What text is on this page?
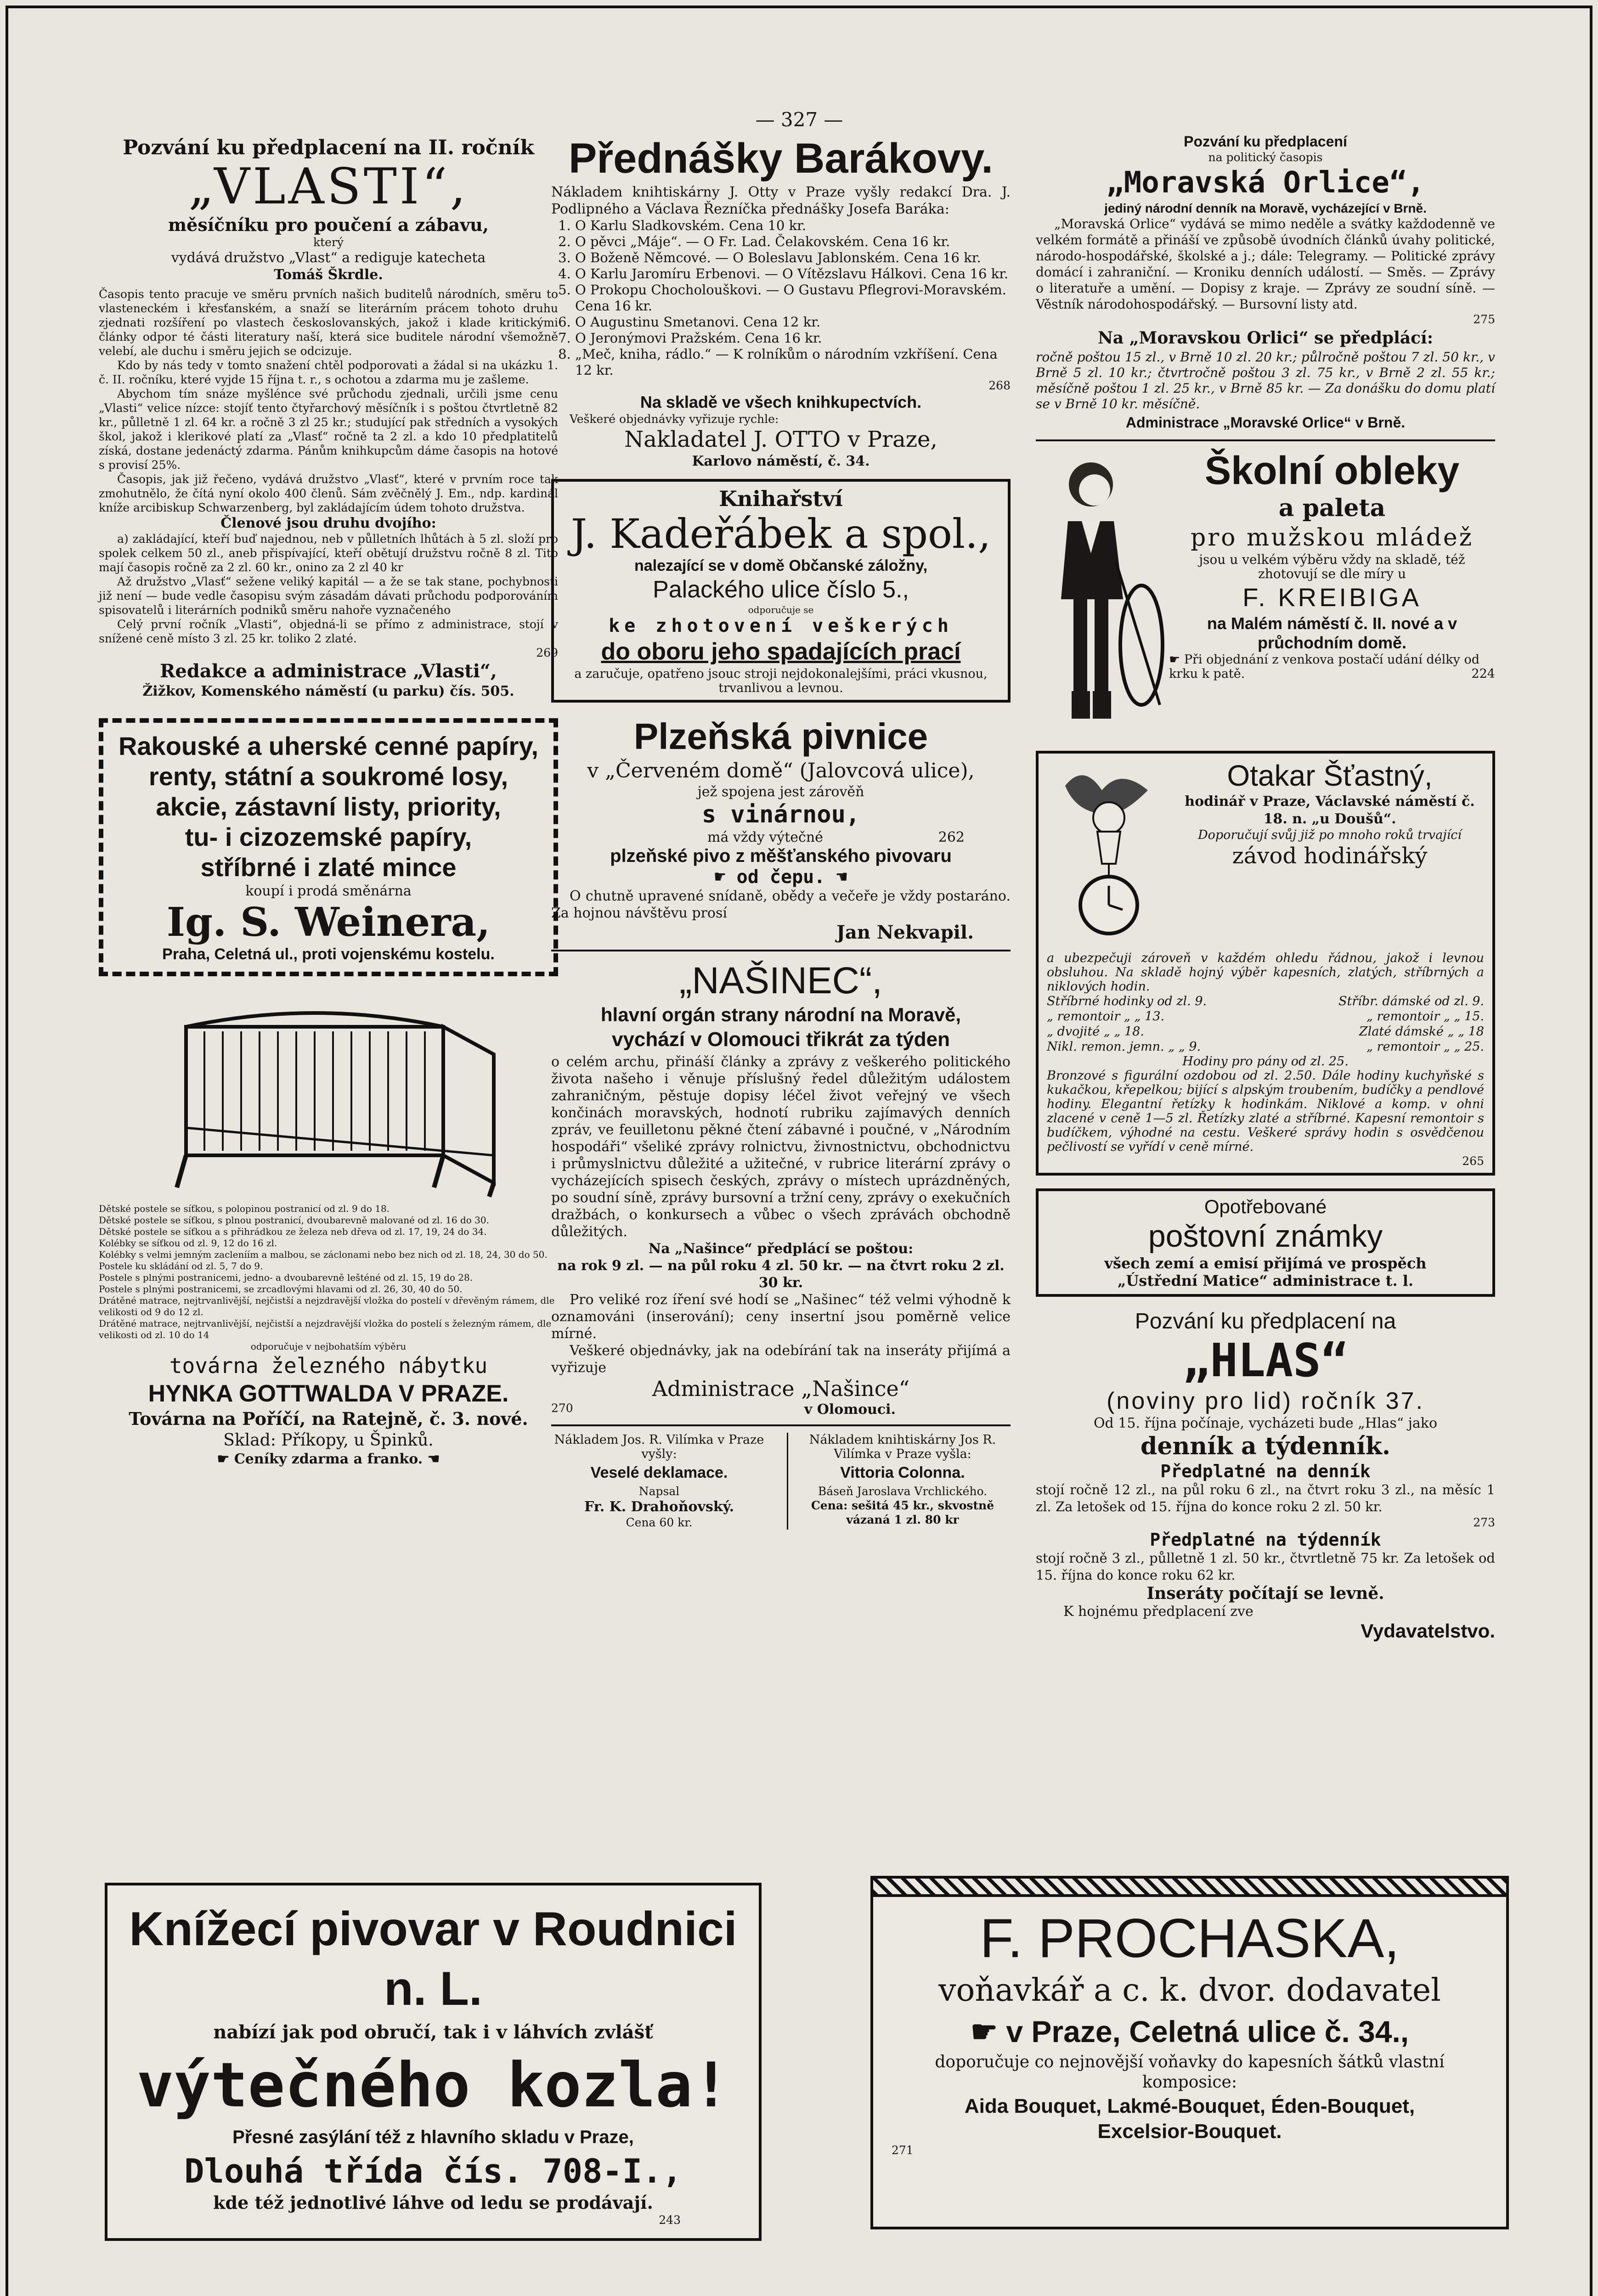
— 327 —

Pozvání ku předplacení na II. ročník

„VLASTI“,

měsíčníku pro poučení a zábavu,

který

vydává družstvo „Vlast“ a rediguje katecheta

Tomáš Škrdle.

Časopis tento pracuje ve směru prvních našich buditelů národních, směru to vlasteneckém i křesťanském, a snaží se literárním prácem tohoto druhu zjednati rozšíření po vlastech českoslovanských, jakož i klade kritickými články odpor té části literatury naší, která sice buditele národní všemožně velebí, ale duchu i směru jejich se odcizuje.

Kdo by nás tedy v tomto snažení chtěl podporovati a žádal si na ukázku 1. č. II. ročníku, které vyjde 15 října t. r., s ochotou a zdarma mu je zašleme.

Abychom tím snáze myšlénce své průchodu zjednali, určili jsme cenu „Vlasti“ velice nízce: stojíť tento čtyřarchový měsíčník i s poštou čtvrtletně 82 kr., půlletně 1 zl. 64 kr. a ročně 3 zl 25 kr.; studující pak středních a vysokých škol, jakož i klerikové platí za „Vlasť“ ročně ta 2 zl. a kdo 10 předplatitelů získá, dostane jedenáctý zdarma. Pánům knihkupcům dáme časopis na hotové s provisí 25%.

Časopis, jak již řečeno, vydává družstvo „Vlasť“, které v prvním roce tak zmohutnělo, že čítá nyní okolo 400 členů. Sám zvěčnělý J. Em., ndp. kardinál kníže arcibiskup Schwarzenberg, byl zakládajícím údem tohoto družstva.

Členové jsou druhu dvojího:

a) zakládající, kteří buď najednou, neb v půlletních lhůtách à 5 zl. složí pro spolek celkem 50 zl., aneb přispívající, kteří obětují družstvu ročně 8 zl. Tito mají časopis ročně za 2 zl. 60 kr., onino za 2 zl 40 kr

Až družstvo „Vlasť“ sežene veliký kapitál — a že se tak stane, pochybnosti již není — bude vedle časopisu svým zásadám dávati průchodu podporováním spisovatelů i literárních podniků směru nahoře vyznačeného

Celý první ročník „Vlasti“, objedná-li se přímo z administrace, stojí v snížené ceně místo 3 zl. 25 kr. toliko 2 zlaté.

269

Redakce a administrace „Vlasti“,

Žižkov, Komenského náměstí (u parku) čís. 505.

Rakouské a uherské cenné papíry,

renty, státní a soukromé losy,

akcie, zástavní listy, priority,

tu- i cizozemské papíry,

stříbrné i zlaté mince

koupí i prodá směnárna

Ig. S. Weinera,

Praha, Celetná ul., proti vojenskému kostelu.

Dětské postele se síťkou, s polopinou postranicí od zl. 9 do 18.

Dětské postele se síťkou, s plnou postranicí, dvoubarevně malované od zl. 16 do 30.

Dětské postele se síťkou a s přihrádkou ze železa neb dřeva od zl. 17, 19, 24 do 34.

Kolébky se síťkou od zl. 9, 12 do 16 zl.

Kolébky s velmi jemným zacleníím a malbou, se záclonami nebo bez nich od zl. 18, 24, 30 do 50.

Postele ku skládání od zl. 5, 7 do 9.

Postele s plnými postranicemi, jedno- a dvoubarevně lešténé od zl. 15, 19 do 28.

Postele s plnými postranicemi, se zrcadlovými hlavami od zl. 26, 30, 40 do 50.

Drátěné matrace, nejtrvanlivější, nejčistší a nejzdravější vložka do postelí v dřevěným rámem, dle velikosti od 9 do 12 zl.

Drátěné matrace, nejtrvanlivější, nejčistší a nejzdravější vložka do postelí s železným rámem, dle velikosti od zl. 10 do 14

odporučuje v nejbohatším výběru

továrna železného nábytku

HYNKA GOTTWALDA V PRAZE.

Továrna na Poříčí, na Ratejně, č. 3. nové.

Sklad: Příkopy, u Špinků.

☛ Ceníky zdarma a franko. ☚

Přednášky Barákovy.

Nákladem knihtiskárny J. Otty v Praze vyšly redakcí Dra. J. Podlipného a Václava Řezníčka přednášky Josefa Baráka:

1. O Karlu Sladkovském. Cena 10 kr.
2. O pěvci „Máje“. — O Fr. Lad. Čelakovském. Cena 16 kr.
3. O Boženě Němcové. — O Boleslavu Jablonském. Cena 16 kr.
4. O Karlu Jaromíru Erbenovi. — O Vítězslavu Hálkovi. Cena 16 kr.
5. O Prokopu Chocholouškovi. — O Gustavu Pflegrovi-Moravském. Cena 16 kr.
6. O Augustinu Smetanovi. Cena 12 kr.
7. O Jeronýmovi Pražském. Cena 16 kr.
8. „Meč, kniha, rádlo.“ — K rolníkům o národním vzkříšení. Cena 12 kr.

268

Na skladě ve všech knihkupectvích.

Veškeré objednávky vyřizuje rychle:

Nakladatel J. OTTO v Praze,

Karlovo náměstí, č. 34.

Knihařství

J. Kadeřábek a spol.,

nalezající se v domě Občanské záložny,

Palackého ulice číslo 5.,

odporučuje se

ke zhotovení veškerých

do oboru jeho spadajících prací

a zaručuje, opatřeno jsouc stroji nejdokonalejšími, práci vkusnou, trvanlivou a levnou.

Plzeňská pivnice

v „Červeném domě“ (Jalovcová ulice),

jež spojena jest zárověň

s vinárnou,

má vždy výtečné	262

plzeňské pivo z měšťanského pivovaru

☛ od čepu. ☚

O chutně upravené snídaně, obědy a večeře je vždy postaráno. Za hojnou návštěvu prosí

Jan Nekvapil.

„NAŠINEC“,

hlavní orgán strany národní na Moravě,

vychází v Olomouci třikrát za týden

o celém archu, přináší články a zprávy z veškerého politického života našeho i věnuje příslušný ředel důležitým událostem zahraničným, pěstuje dopisy léčel život veřejný ve všech končinách moravských, hodnotí rubriku zajímavých denních zpráv, ve feuilletonu pěkné čtení zábavné i poučné, v „Národním hospodáři“ všeliké zprávy rolnictvu, živnostnictvu, obchodnictvu i průmyslnictvu důležité a užitečné, v rubrice literární zprávy o vycházejících spisech českých, zprávy o místech uprázdněných, po soudní síně, zprávy bursovní a tržní ceny, zprávy o exekučních dražbách, o konkursech a vůbec o všech zprávách obchodně důležitých.

Na „Našince“ předplácí se poštou:

na rok 9 zl. — na půl roku 4 zl. 50 kr. — na čtvrt roku 2 zl. 30 kr.

Pro veliké roz íření své hodí se „Našinec“ též velmi výhodně k oznamováni (inserování); ceny insertní jsou poměrně velice mírné.

Veškeré objednávky, jak na odebírání tak na inseráty přijímá a vyřizuje

Administrace „Našince“

270	v Olomouci.

Nákladem Jos. R. Vilímka v Praze vyšly:

Veselé deklamace.

Napsal

Fr. K. Drahoňovský.

Cena 60 kr.

Nákladem knihtiskárny Jos R. Vilímka v Praze vyšla:

Vittoria Colonna.

Báseň Jaroslava Vrchlického.

Cena: sešitá 45 kr., skvostně vázaná 1 zl. 80 kr

Pozvání ku předplacení

na politický časopis

„Moravská Orlice“,

jediný národní denník na Moravě, vycházející v Brně.

„Moravská Orlice“ vydává se mimo neděle a svátky každodenně ve velkém formátě a přináší ve způsobě úvodních článků úvahy politické, národo-hospodářské, školské a j.; dále: Telegramy. — Politické zprávy domácí i zahraniční. — Kroniku denních událostí. — Směs. — Zprávy o literatuře a umění. — Dopisy z kraje. — Zprávy ze soudní síně. — Věstník národohospodářský. — Bursovní listy atd.

275

Na „Moravskou Orlici“ se předplácí:

ročně poštou 15 zl., v Brně 10 zl. 20 kr.; půlročně poštou 7 zl. 50 kr., v Brně 5 zl. 10 kr.; čtvrtročně poštou 3 zl. 75 kr., v Brně 2 zl. 55 kr.; měsíčně poštou 1 zl. 25 kr., v Brně 85 kr. — Za donášku do domu platí se v Brně 10 kr. měsíčně.

Administrace „Moravské Orlice“ v Brně.

Školní obleky

a paleta

pro mužskou mládež

jsou u velkém výběru vždy na skladě, též zhotovují se dle míry u

F. KREIBIGA

na Malém náměstí č. II. nové a v průchodním domě.

☛ Při objednání z venkova postačí udání délky od krku k patě.	224

Otakar Šťastný,

hodinář v Praze, Václavské náměstí č. 18. n. „u Doušů“.

Doporučují svůj již po mnoho roků trvající

závod hodinářský

a ubezpečuji zároveň v každém ohledu řádnou, jakož i levnou obsluhou. Na skladě hojný výběr kapesních, zlatých, stříbrných a niklových hodin.

Stříbrné hodinky od zl. 9.	Stříbr. dámské od zl. 9.
„ remontoir „ „ 13.	„ remontoir „ „ 15.
„ dvojité „ „ 18.	Zlaté dámské „ „ 18
Nikl. remon. jemn. „ „ 9.	„ remontoir „ „ 25.

Hodiny pro pány od zl. 25.

Bronzové s figurální ozdobou od zl. 2.50. Dále hodiny kuchyňské s kukačkou, křepelkou; bijící s alpským troubením, budíčky a pendlové hodiny. Elegantní řetízky k hodinkám. Niklové a komp. v ohni zlacené v ceně 1—5 zl. Řetízky zlaté a stříbrné. Kapesní remontoir s budíčkem, výhodné na cestu. Veškeré správy hodin s osvědčenou pečlivostí se vyřídí v ceně mírné.

265

Opotřebované

poštovní známky

všech zemí a emisí přijímá ve prospěch

„Ústřední Matice“ administrace t. l.

Pozvání ku předplacení na

„HLAS“

(noviny pro lid) ročník 37.

Od 15. října počínaje, vycházeti bude „Hlas“ jako

denník a týdenník.

Předplatné na denník

stojí ročně 12 zl., na půl roku 6 zl., na čtvrt roku 3 zl., na měsíc 1 zl. Za letošek od 15. října do konce roku 2 zl. 50 kr.

273

Předplatné na týdenník

stojí ročně 3 zl., půlletně 1 zl. 50 kr., čtvrtletně 75 kr. Za letošek od 15. října do konce roku 62 kr.

Inseráty počítají se levně.

K hojnému předplacení zve

Vydavatelstvo.

Knížecí pivovar v Roudnici n. L.

nabízí jak pod obručí, tak i v láhvích zvlášť

výtečného kozla!

Přesné zasýlání též z hlavního skladu v Praze,

Dlouhá třída čís. 708-I.,

kde též jednotlivé láhve od ledu se prodávají.

243

F. PROCHASKA,

voňavkář a c. k. dvor. dodavatel

☛ v Praze, Celetná ulice č. 34.,

doporučuje co nejnovější voňavky do kapesních šátků vlastní komposice:

Aida Bouquet, Lakmé-Bouquet, Éden-Bouquet,

Excelsior-Bouquet.

271
